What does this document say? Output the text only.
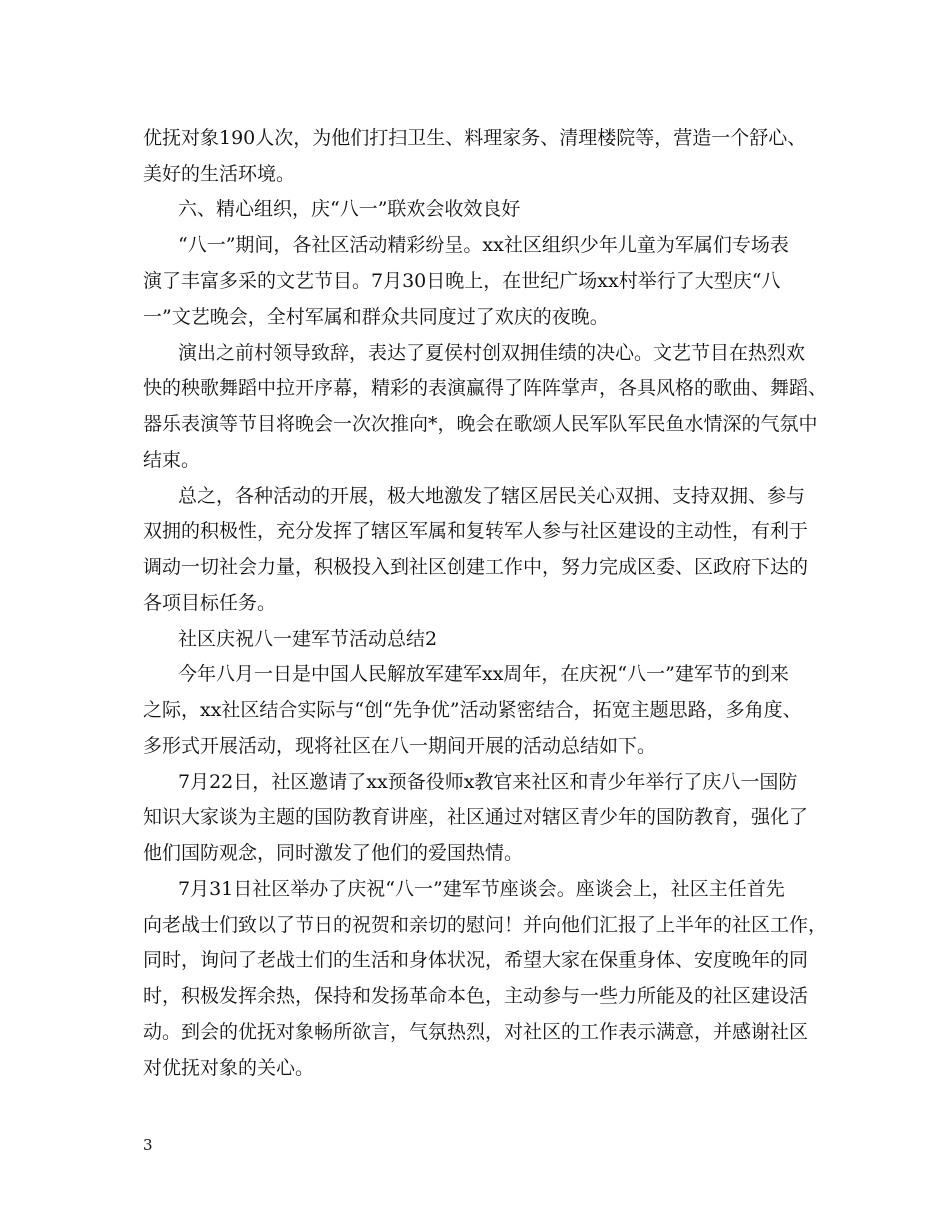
优抚对象190人次，为他们打扫卫生、料理家务、清理楼院等，营造一个舒心、
美好的生活环境。
六、精心组织，庆“八一”联欢会收效良好
“八一”期间，各社区活动精彩纷呈。xx社区组织少年儿童为军属们专场表
演了丰富多采的文艺节目。7月30日晚上，在世纪广场xx村举行了大型庆“八
一”文艺晚会，全村军属和群众共同度过了欢庆的夜晚。
演出之前村领导致辞，表达了夏侯村创双拥佳绩的决心。文艺节目在热烈欢
快的秧歌舞蹈中拉开序幕，精彩的表演赢得了阵阵掌声，各具风格的歌曲、舞蹈、
器乐表演等节目将晚会一次次推向*，晚会在歌颂人民军队军民鱼水情深的气氛中
结束。
总之，各种活动的开展，极大地激发了辖区居民关心双拥、支持双拥、参与
双拥的积极性，充分发挥了辖区军属和复转军人参与社区建设的主动性，有利于
调动一切社会力量，积极投入到社区创建工作中，努力完成区委、区政府下达的
各项目标任务。
社区庆祝八一建军节活动总结2
今年八月一日是中国人民解放军建军xx周年，在庆祝“八一”建军节的到来
之际，xx社区结合实际与“创“先争优”活动紧密结合，拓宽主题思路，多角度、
多形式开展活动，现将社区在八一期间开展的活动总结如下。
7月22日，社区邀请了xx预备役师x教官来社区和青少年举行了庆八一国防
知识大家谈为主题的国防教育讲座，社区通过对辖区青少年的国防教育，强化了
他们国防观念，同时激发了他们的爱国热情。
7月31日社区举办了庆祝“八一”建军节座谈会。座谈会上，社区主任首先
向老战士们致以了节日的祝贺和亲切的慰问！并向他们汇报了上半年的社区工作，
同时，询问了老战士们的生活和身体状况，希望大家在保重身体、安度晚年的同
时，积极发挥余热，保持和发扬革命本色，主动参与一些力所能及的社区建设活
动。到会的优抚对象畅所欲言，气氛热烈，对社区的工作表示满意，并感谢社区
对优抚对象的关心。
3
